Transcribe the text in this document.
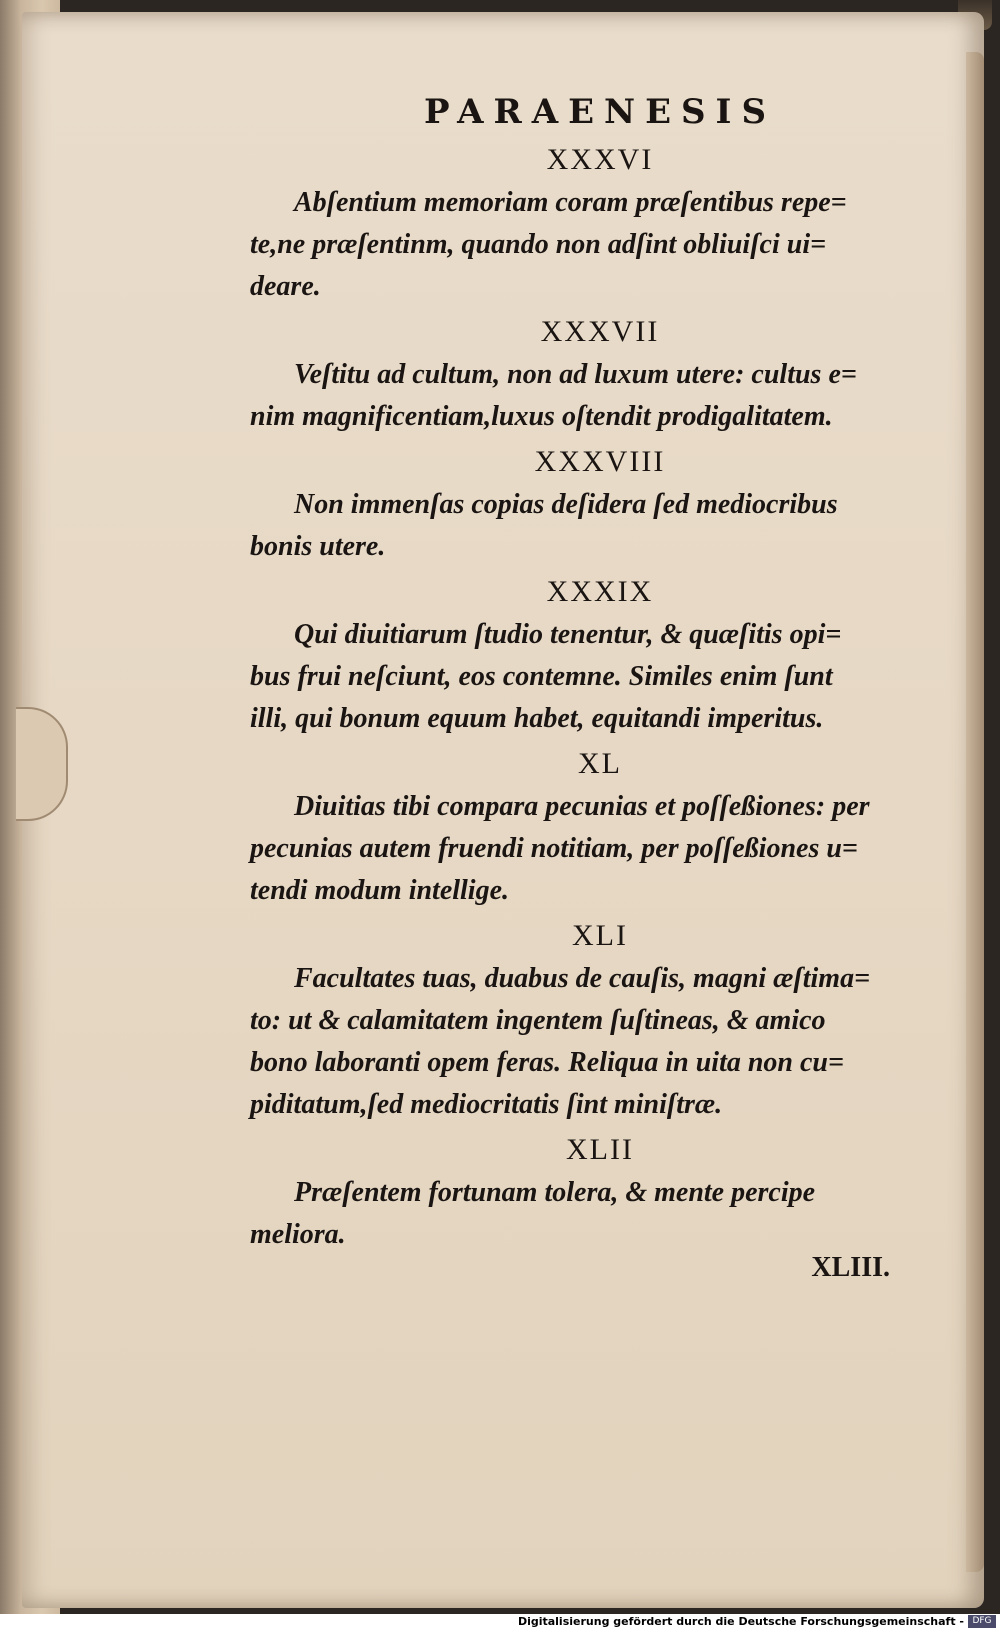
PARAENESIS
XXXVI
Abſentium memoriam coram præſentibus repe=
te,ne præſentinm, quando non adſint obliuiſci ui=
deare.
XXXVII
Veſtitu ad cultum, non ad luxum utere: cultus e=
nim magnificentiam,luxus oſtendit prodigalitatem.
XXXVIII
Non immenſas copias deſidera ſed mediocribus
bonis utere.
XXXIX
Qui diuitiarum ſtudio tenentur, & quæſitis opi=
bus frui neſciunt, eos contemne. Similes enim ſunt
illi, qui bonum equum habet, equitandi imperitus.
XL
Diuitias tibi compara pecunias et poſſeßiones: per
pecunias autem fruendi notitiam, per poſſeßiones u=
tendi modum intellige.
XLI
Facultates tuas, duabus de cauſis, magni æſtima=
to: ut & calamitatem ingentem ſuſtineas, & amico
bono laboranti opem feras. Reliqua in uita non cu=
piditatum,ſed mediocritatis ſint miniſtræ.
XLII
Præſentem fortunam tolera, & mente percipe
meliora.
XLIII.
Digitalisierung gefördert durch die Deutsche Forschungsgemeinschaft - DFG
